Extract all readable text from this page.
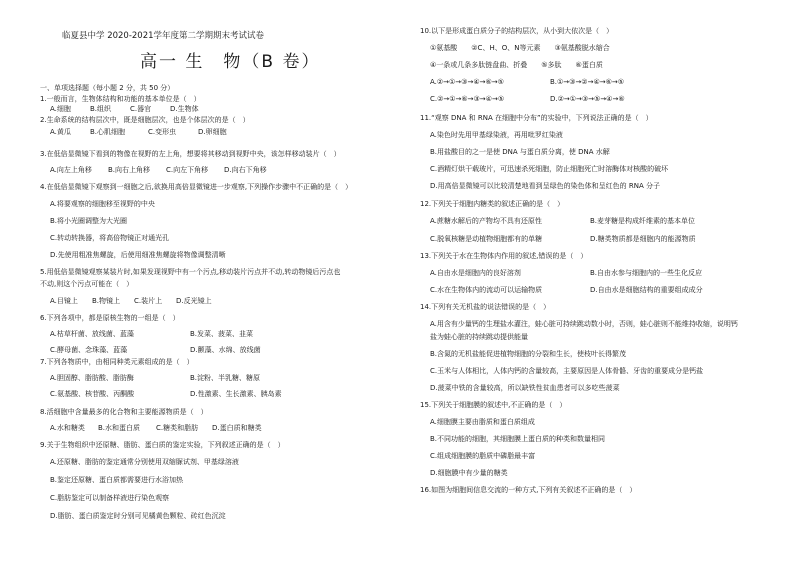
临夏县中学 2020-2021学年度第二学期期末考试试卷
高一 生　物（B 卷）
一、单项选择题（每小题 2 分，共 50 分）
1.一般而言，生物体结构和功能的基本单位是（　）
A.细胞	B.组织	C.器官	D.生物体
2.生命系统的结构层次中，既是细胞层次，也是个体层次的是（　）
A.黄瓜	B.心肌细胞	C.变形虫	D.卵细胞
3.在低倍显微镜下看到的物像在视野的左上角，想要将其移动到视野中央，该怎样移动装片（　）
A.向左上角移	B.向右上角移	C.向左下角移	D.向右下角移
4.在低倍显微镜下观察到一细胞之后,欲换用高倍显微镜进一步观察,下列操作步骤中不正确的是（　）
A.将要观察的细胞移至视野的中央
B.将小光圈调整为大光圈
C.转动转换器，将高倍物镜正对通光孔
D.先使用粗准焦螺旋，后使用细准焦螺旋将物像调整清晰
5.用低倍显微镜观察某装片时,如果发现视野中有一个污点,移动装片污点并不动,转动物镜后污点也
不动,则这个污点可能在（　）
A.目镜上	B.物镜上	C.装片上	D.反光镜上
6.下列各项中，都是原核生物的一组是（　）
A.枯草杆菌、放线菌、蓝藻	B.发菜、菠菜、韭菜
C.酵母菌、念珠藻、蓝藻	D.颤藻、水绵、放线菌
7.下列各物质中，由相同种类元素组成的是（　）
A.胆固醇、脂肪酸、脂肪酶	B.淀粉、半乳糖、糖原
C.氨基酸、核苷酸、丙酮酸	D.性激素、生长激素、胰岛素
8.活细胞中含量最多的化合物和主要能源物质是（　）
A.水和糖类	B.水和蛋白质	C.糖类和脂肪	D.蛋白质和糖类
9.关于生物组织中还原糖、脂肪、蛋白质的鉴定实验，下列叙述正确的是（　）
A.还原糖、脂肪的鉴定通常分别使用双缩脲试剂、甲基绿溶液
B.鉴定还原糖、蛋白质都需要进行水浴加热
C.脂肪鉴定可以制备样液进行染色观察
D.脂肪、蛋白质鉴定时分别可见橘黄色颗粒、砖红色沉淀
10.以下是形成蛋白质分子的结构层次，从小到大依次是（　）
①氨基酸　　②C、H、O、N等元素　　③氨基酸脱水缩合
④一条或几条多肽链盘曲、折叠　　⑤多肽　　⑥蛋白质
A.②→①→③→④→⑥→⑤	B.①→③→②→④→⑥→⑤
C.②→①→⑥→③→④→⑤	D.②→①→③→⑤→④→⑥
11.“观察 DNA 和 RNA 在细胞中分布”的实验中，下列说法正确的是（　）
A.染色时先用甲基绿染液，再用吡罗红染液
B.用盐酸目的之一是使 DNA 与蛋白质分离，使 DNA 水解
C.酒精灯烘干载玻片，可迅速杀死细胞，防止细胞死亡时溶酶体对核酸的破坏
D.用高倍显微镜可以比较清楚地看到呈绿色的染色体和呈红色的 RNA 分子
12.下列关于细胞内糖类的叙述正确的是（　）
A.蔗糖水解后的产物均不具有还原性	B.麦芽糖是构成纤维素的基本单位
C.脱氧核糖是动植物细胞都有的单糖	D.糖类物质都是细胞内的能源物质
13.下列关于水在生物体内作用的叙述,错误的是（　）
A.自由水是细胞内的良好溶剂	B.自由水参与细胞内的一些生化反应
C.水在生物体内的流动可以运输物质	D.自由水是细胞结构的重要组成成分
14.下列有关无机盐的说法错误的是（　）
A.用含有少量钙的生理盐水灌注，蛙心脏可持续跳动数小时，否则，蛙心脏则不能维持收缩，说明钙
盐为蛙心脏的持续跳动提供能量
B.含氮的无机盐能促进植物细胞的分裂和生长，使枝叶长得繁茂
C.玉米与人体相比，人体内钙的含量较高，主要原因是人体骨骼、牙齿的重要成分是钙盐
D.菠菜中铁的含量较高，所以缺铁性贫血患者可以多吃些菠菜
15.下列关于细胞膜的叙述中,不正确的是（　）
A.细胞膜主要由脂质和蛋白质组成
B.不同功能的细胞，其细胞膜上蛋白质的种类和数量相同
C.组成细胞膜的脂质中磷脂最丰富
D.细胞膜中有少量的糖类
16.如图为细胞间信息交流的一种方式,下列有关叙述不正确的是（　）
